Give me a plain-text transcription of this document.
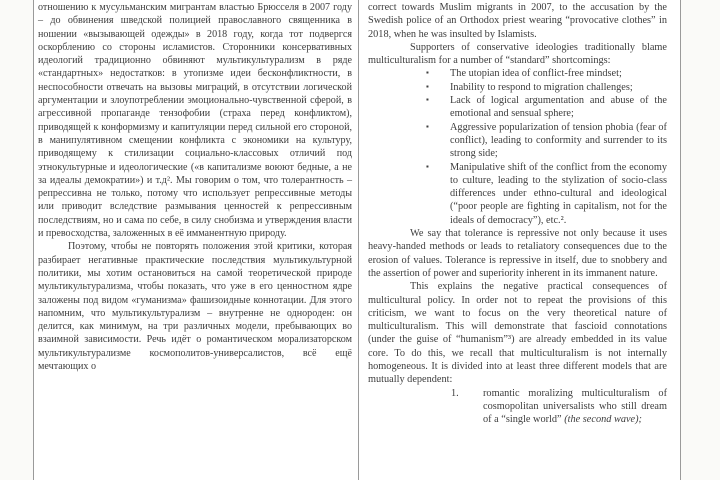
отношению к мусульманским мигрантам властью Брюсселя в 2007 году – до обвинения шведской полицией православного священника в ношении «вызывающей одежды» в 2018 году, когда тот подвергся оскорблению со стороны исламистов. Сторонники консервативных идеологий традиционно обвиняют мультикультурализм в ряде «стандартных» недостатков: в утопизме идеи бесконфликтности, в неспособности отвечать на вызовы миграций, в отсутствии логической аргументации и злоупотреблении эмоционально-чувственной сферой, в агрессивной пропаганде тензофобии (страха перед конфликтом), приводящей к конформизму и капитуляции перед сильной его стороной, в манипулятивном смещении конфликта с экономики на культуру, приводящему к стилизации социально-классовых отличий под этнокультурные и идеологические («в капитализме воюют бедные, а не за идеалы демократии») и т.д². Мы говорим о том, что толерантность – репрессивна не только, потому что использует репрессивные методы или приводит вследствие размывания ценностей к репрессивным последствиям, но и сама по себе, в силу снобизма и утверждения власти и превосходства, заложенных в её имманентную природу.

Поэтому, чтобы не повторять положения этой критики, которая разбирает негативные практические последствия мультикультурной политики, мы хотим остановиться на самой теоретической природе мультикультурализма, чтобы показать, что уже в его ценностном ядре заложены под видом «гуманизма» фашизоидные коннотации. Для этого напомним, что мультикультурализм – внутренне не однороден: он делится, как минимум, на три различных модели, пребывающих во взаимной зависимости. Речь идёт о романтическом морализаторском мультикультурализме космополитов-универсалистов, всё ещё мечтающих о

correct towards Muslim migrants in 2007, to the accusation by the Swedish police of an Orthodox priest wearing “provocative clothes” in 2018, when he was insulted by Islamists.

Supporters of conservative ideologies traditionally blame multiculturalism for a number of “standard” shortcomings:

▪ The utopian idea of conflict-free mindset;
▪ Inability to respond to migration challenges;
▪ Lack of logical argumentation and abuse of the emotional and sensual sphere;
▪ Aggressive popularization of tension phobia (fear of conflict), leading to conformity and surrender to its strong side;
▪ Manipulative shift of the conflict from the economy to culture, leading to the stylization of socio-class differences under ethno-cultural and ideological (“poor people are fighting in capitalism, not for the ideals of democracy”), etc.².

We say that tolerance is repressive not only because it uses heavy-handed methods or leads to retaliatory consequences due to the erosion of values. Tolerance is repressive in itself, due to snobbery and the assertion of power and superiority inherent in its immanent nature.

This explains the negative practical consequences of multicultural policy. In order not to repeat the provisions of this criticism, we want to focus on the very theoretical nature of multiculturalism. This will demonstrate that fascioid connotations (under the guise of “humanism”³) are already embedded in its value core. To do this, we recall that multiculturalism is not internally homogeneous. It is divided into at least three different models that are mutually dependent:

1. romantic moralizing multiculturalism of cosmopolitan universalists who still dream of a “single world” (the second wave);
